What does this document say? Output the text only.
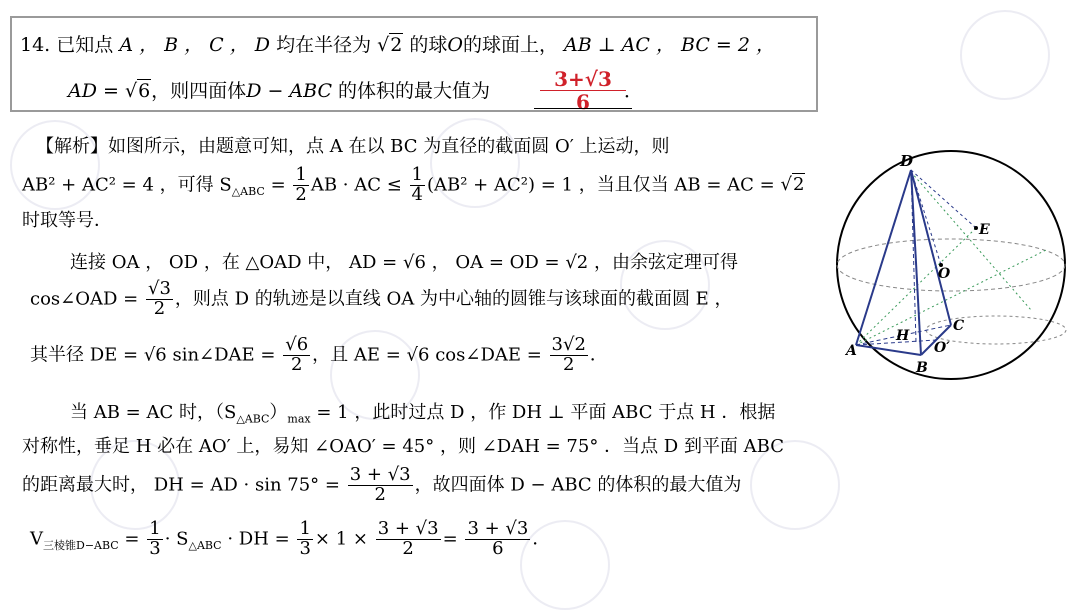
14. 已知点 A ， B ， C ， D 均在半径为 √2 的球O的球面上， AB ⊥ AC ， BC = 2 ，
AD = √6，则四面体D − ABC 的体积的最大值为 $\frac{3+√3}{6}$
．
【解析】如图所示，由题意可知，点 A 在以 BC 为直径的截面圆 O′ 上运动，则
AB² + AC² = 4 ，可得 $S_{\triangle ABC} = \frac{1}{2}$ AB · AC ≤ $\frac{1}{4} (AB^2 + AC^2) = 1$ ，当且仅当 AB = AC = √2
时取等号．
连接 OA ， OD ，在 △OAD 中， AD = √6 ， OA = OD = √2 ，由余弦定理可得
cos∠OAD = $\frac{√3}{2}$ ，则点 D 的轨迹是以直线 OA 为中心轴的圆锥与该球面的截面圆 E ，
其半径 DE = √6 sin∠DAE = $\frac{√6}{2}$ ，且 AE = √6 cos∠DAE = $\frac{3√2}{2}$ ．
当 AB = AC 时，$(S_{\triangle ABC})_{max} = 1$ ，此时过点 D ，作 DH ⊥ 平面 ABC 于点 H ．根据
对称性，垂足 H 必在 AO′ 上，易知 ∠OAO′ = 45° ，则 ∠DAH = 75° ．当点 D 到平面 ABC
的距离最大时， DH = AD · $\sin 75^\circ = \frac{3 + √3}{2}$ ，故四面体 D − ABC 的体积的最大值为
$V_{三棱锥D-ABC} = \frac{1}{3} \cdot S_{\triangle ABC}$ · DH = $\frac{1}{3} \times 1 \times \frac{3 + √3}{2} = \frac{3 + √3}{6}$ ．
D
E
O
C
H
A
B
O′
